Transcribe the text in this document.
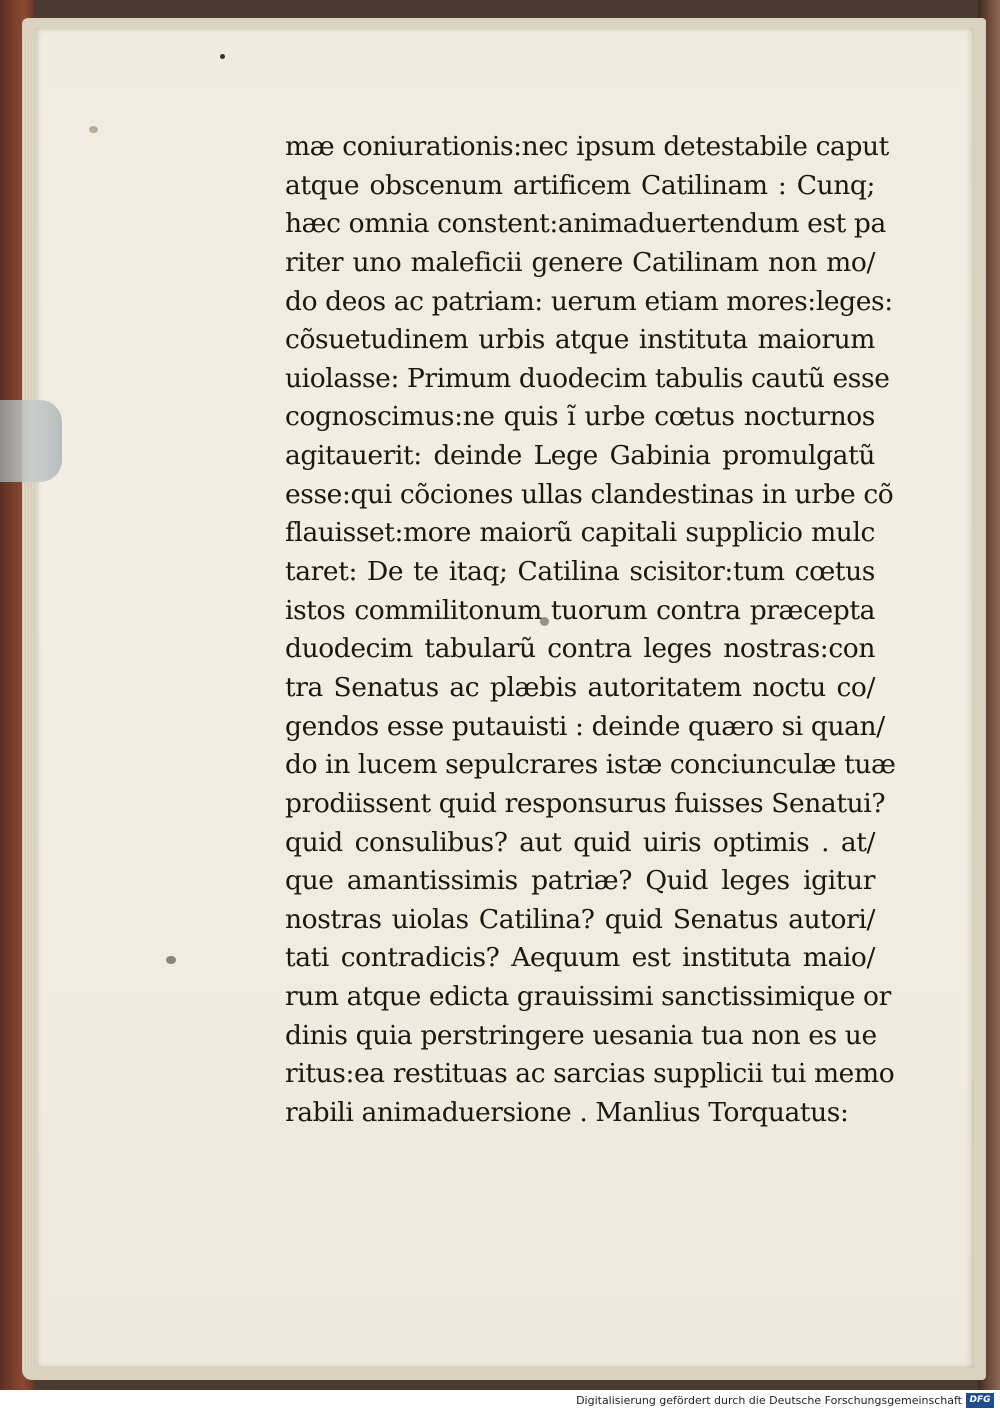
mæ coniurationis:nec ipsum detestabile caput
atque obscenum artificem Catilinam : Cunq;
hæc omnia constent:animaduertendum est pa
riter uno maleficii genere Catilinam non mo/
do deos ac patriam: uerum etiam mores:leges:
cõsuetudinem urbis atque instituta maiorum
uiolasse: Primum duodecim tabulis cautũ esse
cognoscimus:ne quis ĩ urbe cœtus nocturnos
agitauerit: deinde Lege Gabinia promulgatũ
esse:qui cõciones ullas clandestinas in urbe cõ
flauisset:more maiorũ capitali supplicio mulc
taret: De te itaq; Catilina scisitor:tum cœtus
istos commilitonum tuorum contra præcepta
duodecim tabularũ contra leges nostras:con
tra Senatus ac plæbis autoritatem noctu co/
gendos esse putauisti : deinde quæro si quan/
do in lucem sepulcrares istæ conciunculæ tuæ
prodiissent quid responsurus fuisses Senatui?
quid consulibus? aut quid uiris optimis . at/
que amantissimis patriæ? Quid leges igitur
nostras uiolas Catilina? quid Senatus autori/
tati contradicis? Aequum est instituta maio/
rum atque edicta grauissimi sanctissimique or
dinis quia perstringere uesania tua non es ue
ritus:ea restituas ac sarcias supplicii tui memo
rabili animaduersione . Manlius Torquatus:
Digitalisierung gefördert durch die Deutsche Forschungsgemeinschaft DFG
